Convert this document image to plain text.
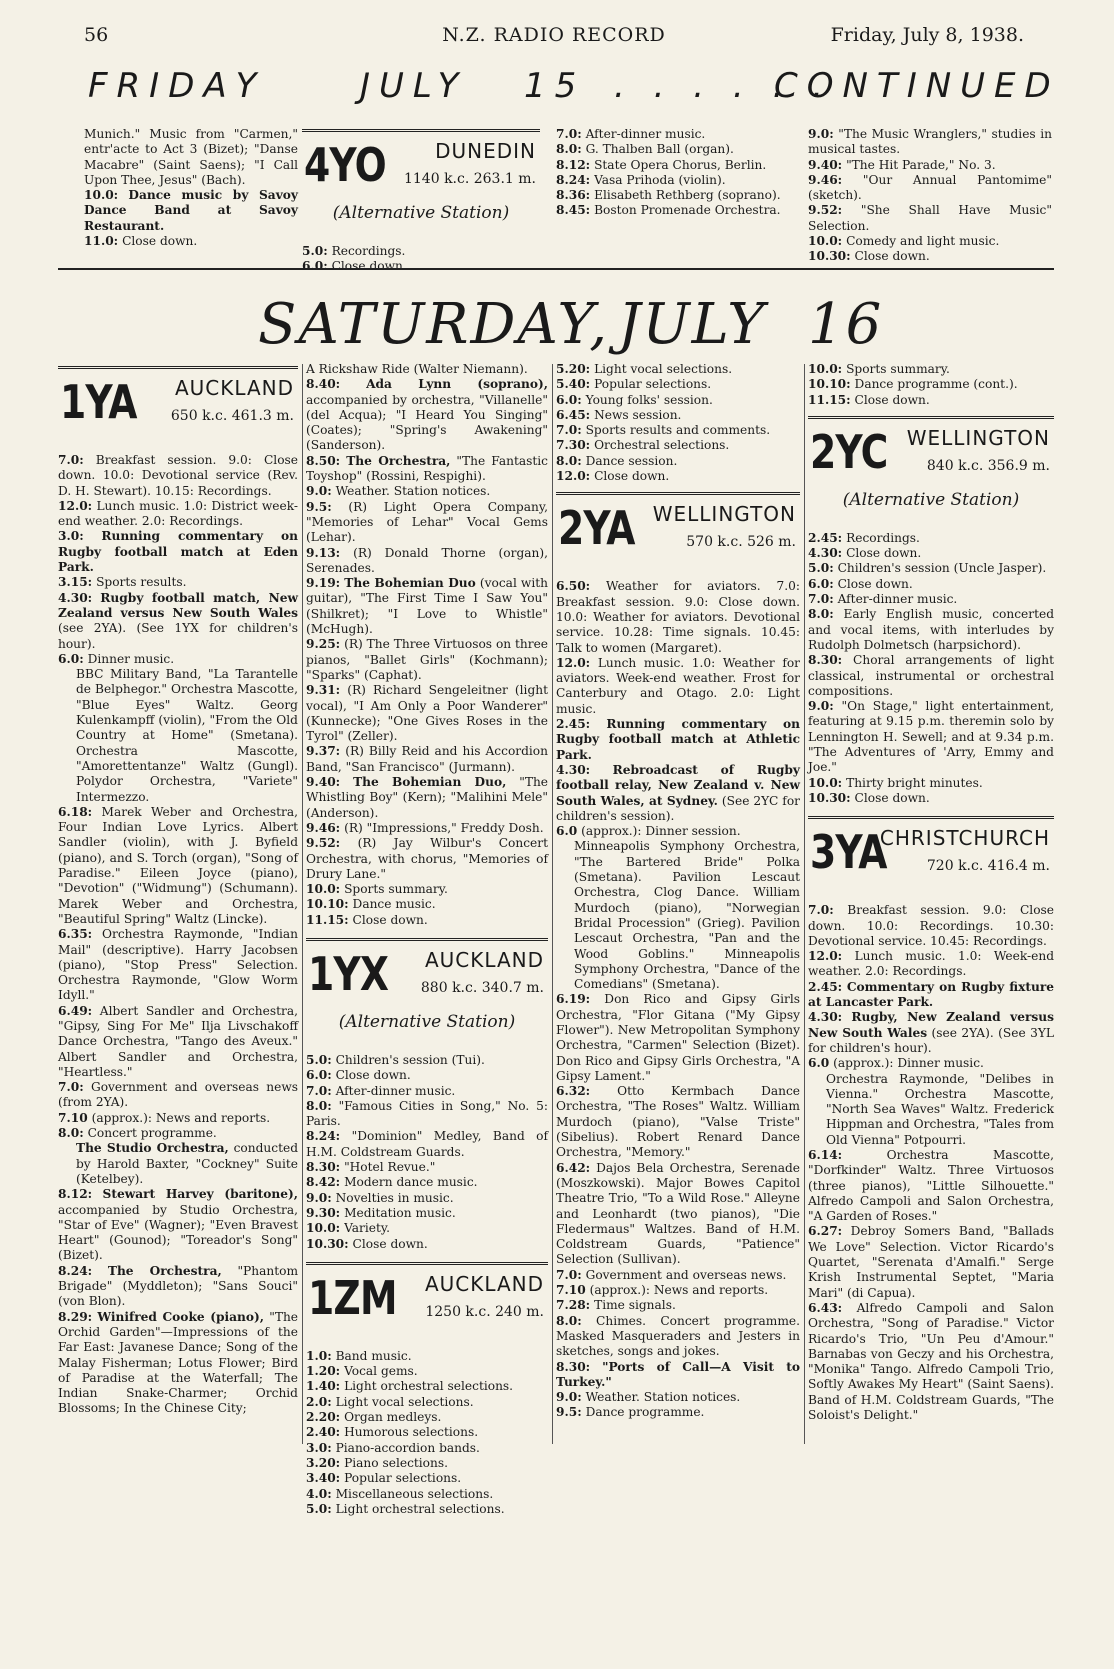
56	N.Z. RADIO RECORD	Friday, July 8, 1938.
FRIDAY	JULY 15 . . . . . .
CONTINUED

Munich." Music from "Carmen," entr'acte to Act 3 (Bizet); "Danse Macabre" (Saint Saens); "I Call Upon Thee, Jesus" (Bach).

10.0: Dance music by Savoy Dance Band at Savoy Restaurant.

11.0: Close down.

4YO DUNEDIN
1140 k.c. 263.1 m.
(Alternative Station)

5.0: Recordings.

6.0: Close down.

7.0: After-dinner music.

8.0: G. Thalben Ball (organ).

8.12: State Opera Chorus, Berlin.

8.24: Vasa Prihoda (violin).

8.36: Elisabeth Rethberg (soprano).

8.45: Boston Promenade Orchestra.

9.0: "The Music Wranglers," studies in musical tastes.

9.40: "The Hit Parade," No. 3.

9.46: "Our Annual Pantomime" (sketch).

9.52: "She Shall Have Music" Selection.

10.0: Comedy and light music.

10.30: Close down.

SATURDAY, JULY 16
1YA AUCKLAND
650 k.c. 461.3 m.

7.0: Breakfast session. 9.0: Close down. 10.0: Devotional service (Rev. D. H. Stewart). 10.15: Recordings.

12.0: Lunch music. 1.0: District week-end weather. 2.0: Recordings.

3.0: Running commentary on Rugby football match at Eden Park.

3.15: Sports results.

4.30: Rugby football match, New Zealand versus New South Wales (see 2YA). (See 1YX for children's hour).

6.0: Dinner music.

BBC Military Band, "La Tarantelle de Belphegor." Orchestra Mascotte, "Blue Eyes" Waltz. Georg Kulenkampff (violin), "From the Old Country at Home" (Smetana). Orchestra Mascotte, "Amorettentanze" Waltz (Gungl). Polydor Orchestra, "Variete" Intermezzo.

6.18: Marek Weber and Orchestra, Four Indian Love Lyrics. Albert Sandler (violin), with J. Byfield (piano), and S. Torch (organ), "Song of Paradise." Eileen Joyce (piano), "Devotion" ("Widmung") (Schumann). Marek Weber and Orchestra, "Beautiful Spring" Waltz (Lincke).

6.35: Orchestra Raymonde, "Indian Mail" (descriptive). Harry Jacobsen (piano), "Stop Press" Selection. Orchestra Raymonde, "Glow Worm Idyll."

6.49: Albert Sandler and Orchestra, "Gipsy, Sing For Me" Ilja Livschakoff Dance Orchestra, "Tango des Aveux." Albert Sandler and Orchestra, "Heartless."

7.0: Government and overseas news (from 2YA).

7.10 (approx.): News and reports.

8.0: Concert programme.

The Studio Orchestra, conducted by Harold Baxter, "Cockney" Suite (Ketelbey).

8.12: Stewart Harvey (baritone), accompanied by Studio Orchestra, "Star of Eve" (Wagner); "Even Bravest Heart" (Gounod); "Toreador's Song" (Bizet).

8.24: The Orchestra, "Phantom Brigade" (Myddleton); "Sans Souci" (von Blon).

8.29: Winifred Cooke (piano), "The Orchid Garden"—Impressions of the Far East: Javanese Dance; Song of the Malay Fisherman; Lotus Flower; Bird of Paradise at the Waterfall; The Indian Snake-Charmer; Orchid Blossoms; In the Chinese City;

A Rickshaw Ride (Walter Niemann).

8.40: Ada Lynn (soprano), accompanied by orchestra, "Villanelle" (del Acqua); "I Heard You Singing" (Coates); "Spring's Awakening" (Sanderson).

8.50: The Orchestra, "The Fantastic Toyshop" (Rossini, Respighi).

9.0: Weather. Station notices.

9.5: (R) Light Opera Company, "Memories of Lehar" Vocal Gems (Lehar).

9.13: (R) Donald Thorne (organ), Serenades.

9.19: The Bohemian Duo (vocal with guitar), "The First Time I Saw You" (Shilkret); "I Love to Whistle" (McHugh).

9.25: (R) The Three Virtuosos on three pianos, "Ballet Girls" (Kochmann); "Sparks" (Caphat).

9.31: (R) Richard Sengeleitner (light vocal), "I Am Only a Poor Wanderer" (Kunnecke); "One Gives Roses in the Tyrol" (Zeller).

9.37: (R) Billy Reid and his Accordion Band, "San Francisco" (Jurmann).

9.40: The Bohemian Duo, "The Whistling Boy" (Kern); "Malihini Mele" (Anderson).

9.46: (R) "Impressions," Freddy Dosh.

9.52: (R) Jay Wilbur's Concert Orchestra, with chorus, "Memories of Drury Lane."

10.0: Sports summary.

10.10: Dance music.

11.15: Close down.

1YX AUCKLAND
880 k.c. 340.7 m.
(Alternative Station)

5.0: Children's session (Tui).

6.0: Close down.

7.0: After-dinner music.

8.0: "Famous Cities in Song," No. 5: Paris.

8.24: "Dominion" Medley, Band of H.M. Coldstream Guards.

8.30: "Hotel Revue."

8.42: Modern dance music.

9.0: Novelties in music.

9.30: Meditation music.

10.0: Variety.

10.30: Close down.

1ZM AUCKLAND
1250 k.c. 240 m.

1.0: Band music.

1.20: Vocal gems.

1.40: Light orchestral selections.

2.0: Light vocal selections.

2.20: Organ medleys.

2.40: Humorous selections.

3.0: Piano-accordion bands.

3.20: Piano selections.

3.40: Popular selections.

4.0: Miscellaneous selections.

5.0: Light orchestral selections.

5.20: Light vocal selections.

5.40: Popular selections.

6.0: Young folks' session.

6.45: News session.

7.0: Sports results and comments.

7.30: Orchestral selections.

8.0: Dance session.

12.0: Close down.

2YA WELLINGTON
570 k.c. 526 m.

6.50: Weather for aviators. 7.0: Breakfast session. 9.0: Close down. 10.0: Weather for aviators. Devotional service. 10.28: Time signals. 10.45: Talk to women (Margaret).

12.0: Lunch music. 1.0: Weather for aviators. Week-end weather. Frost for Canterbury and Otago. 2.0: Light music.

2.45: Running commentary on Rugby football match at Athletic Park.

4.30: Rebroadcast of Rugby football relay, New Zealand v. New South Wales, at Sydney. (See 2YC for children's session).

6.0 (approx.): Dinner session.

Minneapolis Symphony Orchestra, "The Bartered Bride" Polka (Smetana). Pavilion Lescaut Orchestra, Clog Dance. William Murdoch (piano), "Norwegian Bridal Procession" (Grieg). Pavilion Lescaut Orchestra, "Pan and the Wood Goblins." Minneapolis Symphony Orchestra, "Dance of the Comedians" (Smetana).

6.19: Don Rico and Gipsy Girls Orchestra, "Flor Gitana ("My Gipsy Flower"). New Metropolitan Symphony Orchestra, "Carmen" Selection (Bizet). Don Rico and Gipsy Girls Orchestra, "A Gipsy Lament."

6.32: Otto Kermbach Dance Orchestra, "The Roses" Waltz. William Murdoch (piano), "Valse Triste" (Sibelius). Robert Renard Dance Orchestra, "Memory."

6.42: Dajos Bela Orchestra, Serenade (Moszkowski). Major Bowes Capitol Theatre Trio, "To a Wild Rose." Alleyne and Leonhardt (two pianos), "Die Fledermaus" Waltzes. Band of H.M. Coldstream Guards, "Patience" Selection (Sullivan).

7.0: Government and overseas news.

7.10 (approx.): News and reports.

7.28: Time signals.

8.0: Chimes. Concert programme. Masked Masqueraders and Jesters in sketches, songs and jokes.

8.30: "Ports of Call—A Visit to Turkey."

9.0: Weather. Station notices.

9.5: Dance programme.

10.0: Sports summary.

10.10: Dance programme (cont.).

11.15: Close down.

2YC WELLINGTON
840 k.c. 356.9 m.
(Alternative Station)

2.45: Recordings.

4.30: Close down.

5.0: Children's session (Uncle Jasper).

6.0: Close down.

7.0: After-dinner music.

8.0: Early English music, concerted and vocal items, with interludes by Rudolph Dolmetsch (harpsichord).

8.30: Choral arrangements of light classical, instrumental or orchestral compositions.

9.0: "On Stage," light entertainment, featuring at 9.15 p.m. theremin solo by Lennington H. Sewell; and at 9.34 p.m. "The Adventures of 'Arry, Emmy and Joe."

10.0: Thirty bright minutes.

10.30: Close down.

3YA
CHRISTCHURCH
720 k.c. 416.4 m.

7.0: Breakfast session. 9.0: Close down. 10.0: Recordings. 10.30: Devotional service. 10.45: Recordings.

12.0: Lunch music. 1.0: Week-end weather. 2.0: Recordings.

2.45: Commentary on Rugby fixture at Lancaster Park.

4.30: Rugby, New Zealand versus New South Wales (see 2YA). (See 3YL for children's hour).

6.0 (approx.): Dinner music.

Orchestra Raymonde, "Delibes in Vienna." Orchestra Mascotte, "North Sea Waves" Waltz. Frederick Hippman and Orchestra, "Tales from Old Vienna" Potpourri.

6.14:	Orchestra Mascotte, "Dorfkinder" Waltz. Three Virtuosos (three pianos), "Little Silhouette." Alfredo Campoli and Salon Orchestra, "A Garden of Roses."

6.27: Debroy Somers Band, "Ballads We Love" Selection. Victor Ricardo's Quartet, "Serenata d'Amalfi." Serge Krish Instrumental Septet, "Maria Mari" (di Capua).

6.43: Alfredo Campoli and Salon Orchestra, "Song of Paradise." Victor Ricardo's Trio, "Un Peu d'Amour." Barnabas von Geczy and his Orchestra, "Monika" Tango. Alfredo Campoli Trio, Softly Awakes My Heart" (Saint Saens). Band of H.M. Coldstream Guards, "The Soloist's Delight."
